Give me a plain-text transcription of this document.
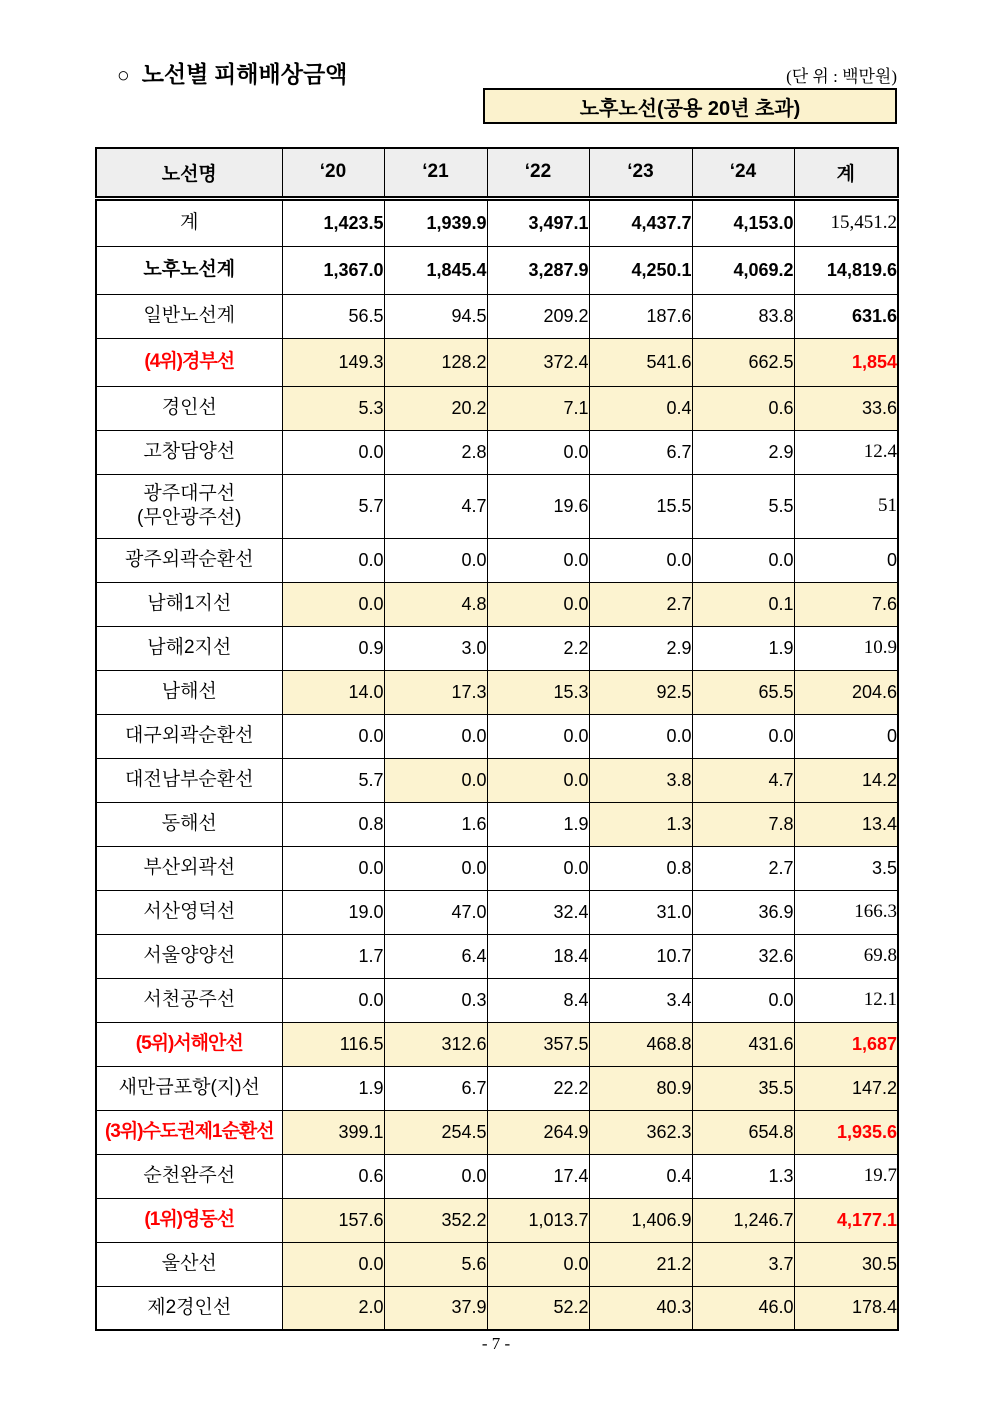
○ 노선별 피해배상금액	(단 위 : 백만원)
노후노선(공용 20년 초과)
노선명	‘20	‘21	‘22	‘23	‘24	계
계	1,423.5	1,939.9	3,497.1	4,437.7	4,153.0	15,451.2
노후노선계	1,367.0	1,845.4	3,287.9	4,250.1	4,069.2	14,819.6
일반노선계	56.5	94.5	209.2	187.6	83.8	631.6
(4위)경부선	149.3	128.2	372.4	541.6	662.5	1,854
경인선	5.3	20.2	7.1	0.4	0.6	33.6
고창담양선	0.0	2.8	0.0	6.7	2.9	12.4
광주대구선
(무안광주선)	5.7	4.7	19.6	15.5	5.5	51
광주외곽순환선	0.0	0.0	0.0	0.0	0.0	0
남해1지선	0.0	4.8	0.0	2.7	0.1	7.6
남해2지선	0.9	3.0	2.2	2.9	1.9	10.9
남해선	14.0	17.3	15.3	92.5	65.5	204.6
대구외곽순환선	0.0	0.0	0.0	0.0	0.0	0
대전남부순환선	5.7	0.0	0.0	3.8	4.7	14.2
동해선	0.8	1.6	1.9	1.3	7.8	13.4
부산외곽선	0.0	0.0	0.0	0.8	2.7	3.5
서산영덕선	19.0	47.0	32.4	31.0	36.9	166.3
서울양양선	1.7	6.4	18.4	10.7	32.6	69.8
서천공주선	0.0	0.3	8.4	3.4	0.0	12.1
(5위)서해안선	116.5	312.6	357.5	468.8	431.6	1,687
새만금포항(지)선	1.9	6.7	22.2	80.9	35.5	147.2
(3위)수도권제1순환선	399.1	254.5	264.9	362.3	654.8	1,935.6
순천완주선	0.6	0.0	17.4	0.4	1.3	19.7
(1위)영동선	157.6	352.2	1,013.7	1,406.9	1,246.7	4,177.1
울산선	0.0	5.6	0.0	21.2	3.7	30.5
제2경인선	2.0	37.9	52.2	40.3	46.0	178.4
- 7 -
